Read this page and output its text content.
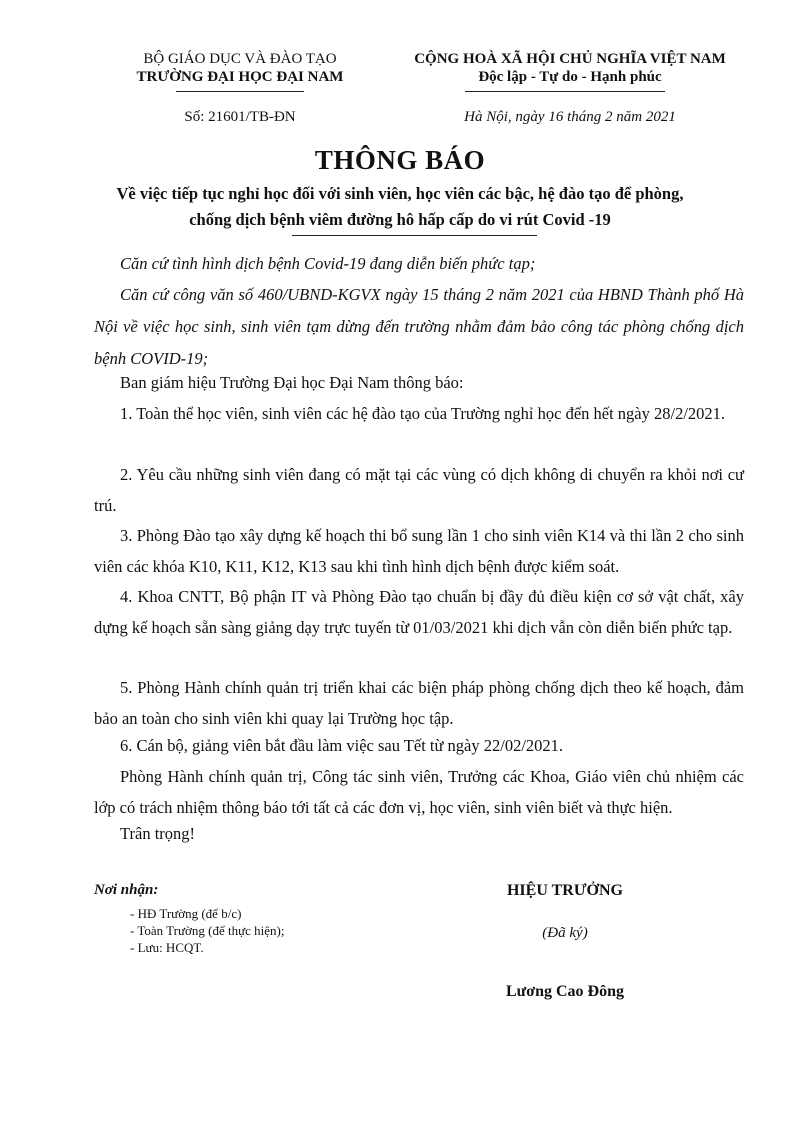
BỘ GIÁO DỤC VÀ ĐÀO TẠO
TRƯỜNG ĐẠI HỌC ĐẠI NAM
Số: 21601/TB-ĐN
CỘNG HOÀ XÃ HỘI CHỦ NGHĨA VIỆT NAM
Độc lập - Tự do - Hạnh phúc
Hà Nội, ngày 16 tháng 2 năm 2021
THÔNG BÁO
Về việc tiếp tục nghỉ học đối với sinh viên, học viên các bậc, hệ đào tạo để phòng,
chống dịch bệnh viêm đường hô hấp cấp do vi rút Covid -19
Căn cứ tình hình dịch bệnh Covid-19 đang diễn biến phức tạp;
Căn cứ công văn số 460/UBND-KGVX ngày 15 tháng 2 năm 2021 của HBND Thành phố Hà Nội về việc học sinh, sinh viên tạm dừng đến trường nhằm đảm bảo công tác phòng chống dịch bệnh COVID-19;
Ban giám hiệu Trường Đại học Đại Nam thông báo:
1. Toàn thể học viên, sinh viên các hệ đào tạo của Trường nghỉ học đến hết ngày 28/2/2021.
2. Yêu cầu những sinh viên đang có mặt tại các vùng có dịch không di chuyển ra khỏi nơi cư trú.
3. Phòng Đào tạo xây dựng kế hoạch thi bổ sung lần 1 cho sinh viên K14 và thi lần 2 cho sinh viên các khóa K10, K11, K12, K13 sau khi tình hình dịch bệnh được kiểm soát.
4. Khoa CNTT, Bộ phận IT và Phòng Đào tạo chuẩn bị đầy đủ điều kiện cơ sở vật chất, xây dựng kế hoạch sẵn sàng giảng dạy trực tuyến từ 01/03/2021 khi dịch vẫn còn diễn biến phức tạp.
5. Phòng Hành chính quản trị triển khai các biện pháp phòng chống dịch theo kế hoạch, đảm bảo an toàn cho sinh viên khi quay lại Trường học tập.
6. Cán bộ, giảng viên bắt đầu làm việc sau Tết từ ngày 22/02/2021.
Phòng Hành chính quản trị, Công tác sinh viên, Trưởng các Khoa, Giáo viên chủ nhiệm các lớp có trách nhiệm thông báo tới tất cả các đơn vị, học viên, sinh viên biết và thực hiện.
Trân trọng!
Nơi nhận:
- HĐ Trường (để b/c)
- Toàn Trường (để thực hiện);
- Lưu: HCQT.
HIỆU TRƯỞNG
(Đã ký)
Lương Cao Đông
